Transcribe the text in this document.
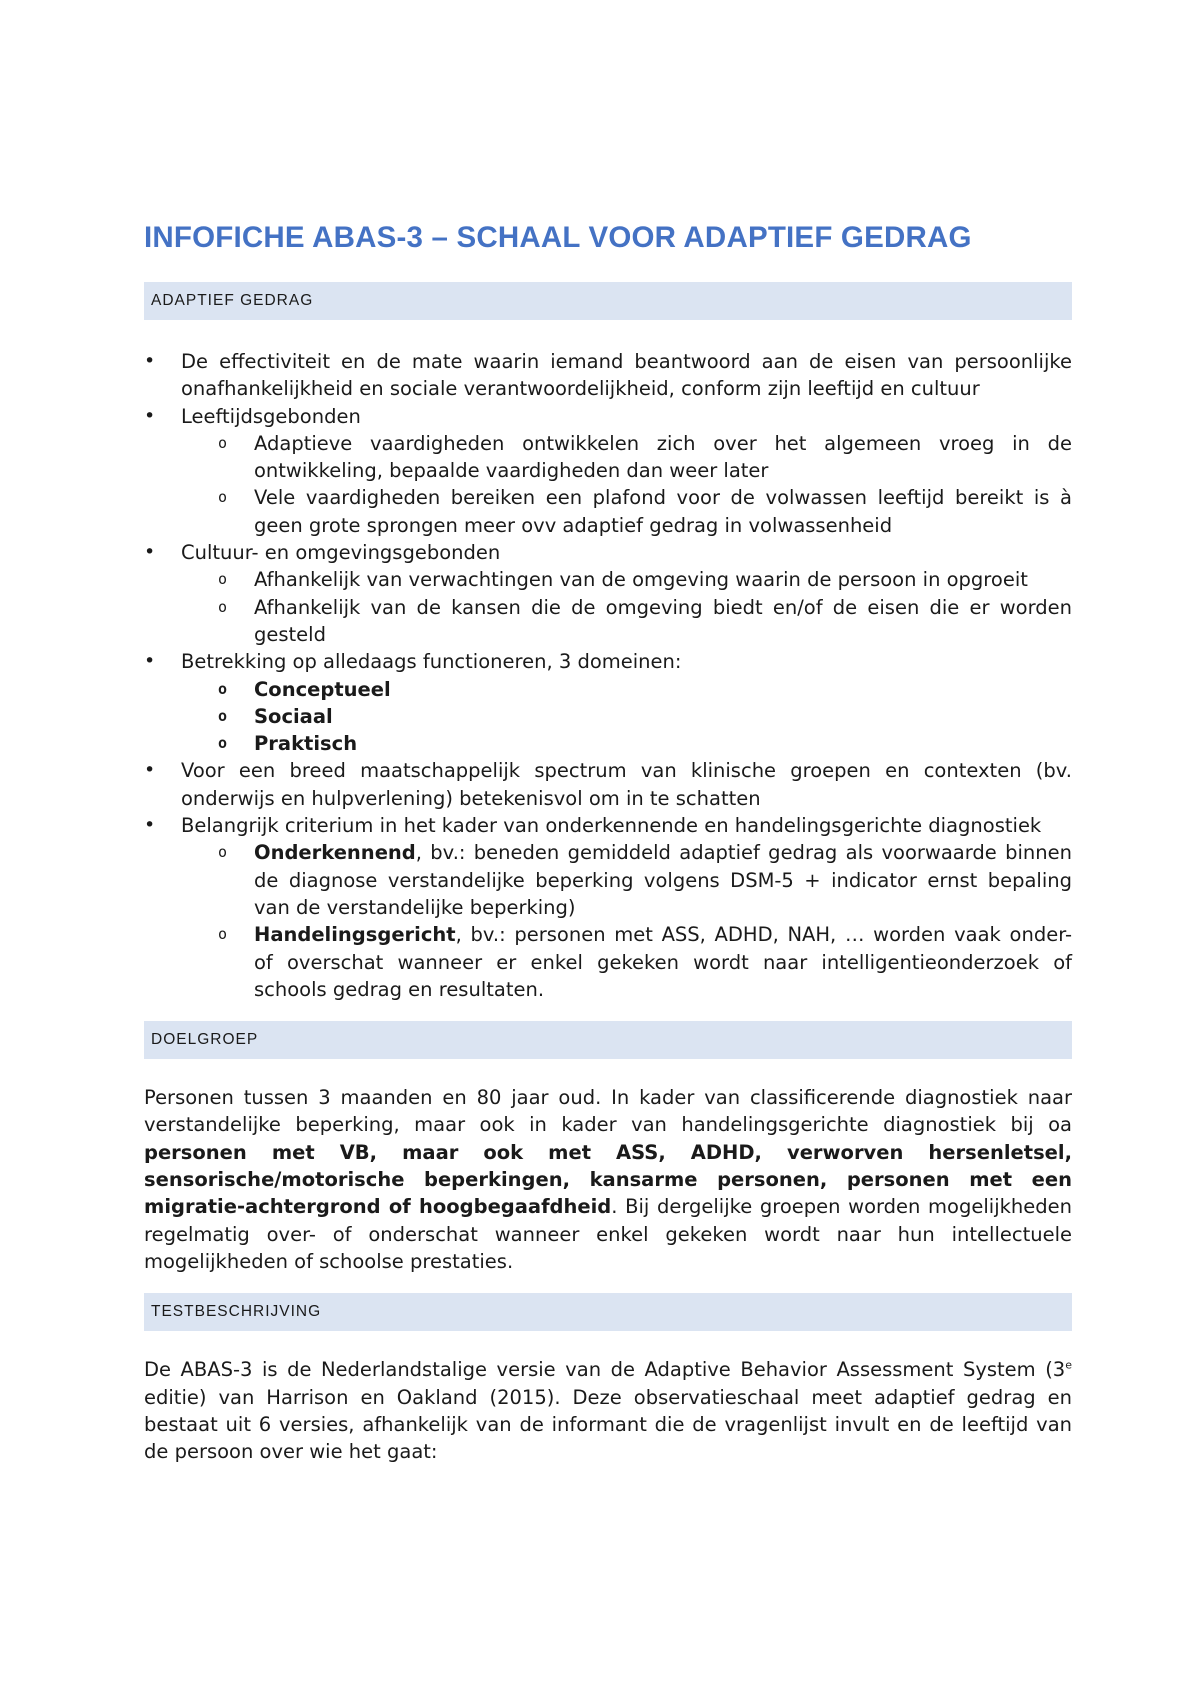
INFOFICHE ABAS-3 – SCHAAL VOOR ADAPTIEF GEDRAG
ADAPTIEF GEDRAG
• De effectiviteit en de mate waarin iemand beantwoord aan de eisen van persoonlijke onafhankelijkheid en sociale verantwoordelijkheid, conform zijn leeftijd en cultuur
• Leeftijdsgebonden
o Adaptieve vaardigheden ontwikkelen zich over het algemeen vroeg in de ontwikkeling, bepaalde vaardigheden dan weer later
o Vele vaardigheden bereiken een plafond voor de volwassen leeftijd bereikt is à geen grote sprongen meer ovv adaptief gedrag in volwassenheid
• Cultuur- en omgevingsgebonden
o Afhankelijk van verwachtingen van de omgeving waarin de persoon in opgroeit
o Afhankelijk van de kansen die de omgeving biedt en/of de eisen die er worden gesteld
• Betrekking op alledaags functioneren, 3 domeinen:
o Conceptueel
o Sociaal
o Praktisch
• Voor een breed maatschappelijk spectrum van klinische groepen en contexten (bv. onderwijs en hulpverlening) betekenisvol om in te schatten
• Belangrijk criterium in het kader van onderkennende en handelingsgerichte diagnostiek
o Onderkennend, bv.: beneden gemiddeld adaptief gedrag als voorwaarde binnen de diagnose verstandelijke beperking volgens DSM-5 + indicator ernst bepaling van de verstandelijke beperking)
o Handelingsgericht, bv.: personen met ASS, ADHD, NAH, … worden vaak onder- of overschat wanneer er enkel gekeken wordt naar intelligentieonderzoek of schools gedrag en resultaten.
DOELGROEP

Personen tussen 3 maanden en 80 jaar oud. In kader van classificerende diagnostiek naar verstandelijke beperking, maar ook in kader van handelingsgerichte diagnostiek bij oa personen met VB, maar ook met ASS, ADHD, verworven hersenletsel, sensorische/motorische beperkingen, kansarme personen, personen met een migratie-achtergrond of hoogbegaafdheid. Bij dergelijke groepen worden mogelijkheden regelmatig over- of onderschat wanneer enkel gekeken wordt naar hun intellectuele mogelijkheden of schoolse prestaties.

TESTBESCHRIJVING

De ABAS-3 is de Nederlandstalige versie van de Adaptive Behavior Assessment System (3e editie) van Harrison en Oakland (2015). Deze observatieschaal meet adaptief gedrag en bestaat uit 6 versies, afhankelijk van de informant die de vragenlijst invult en de leeftijd van de persoon over wie het gaat:
